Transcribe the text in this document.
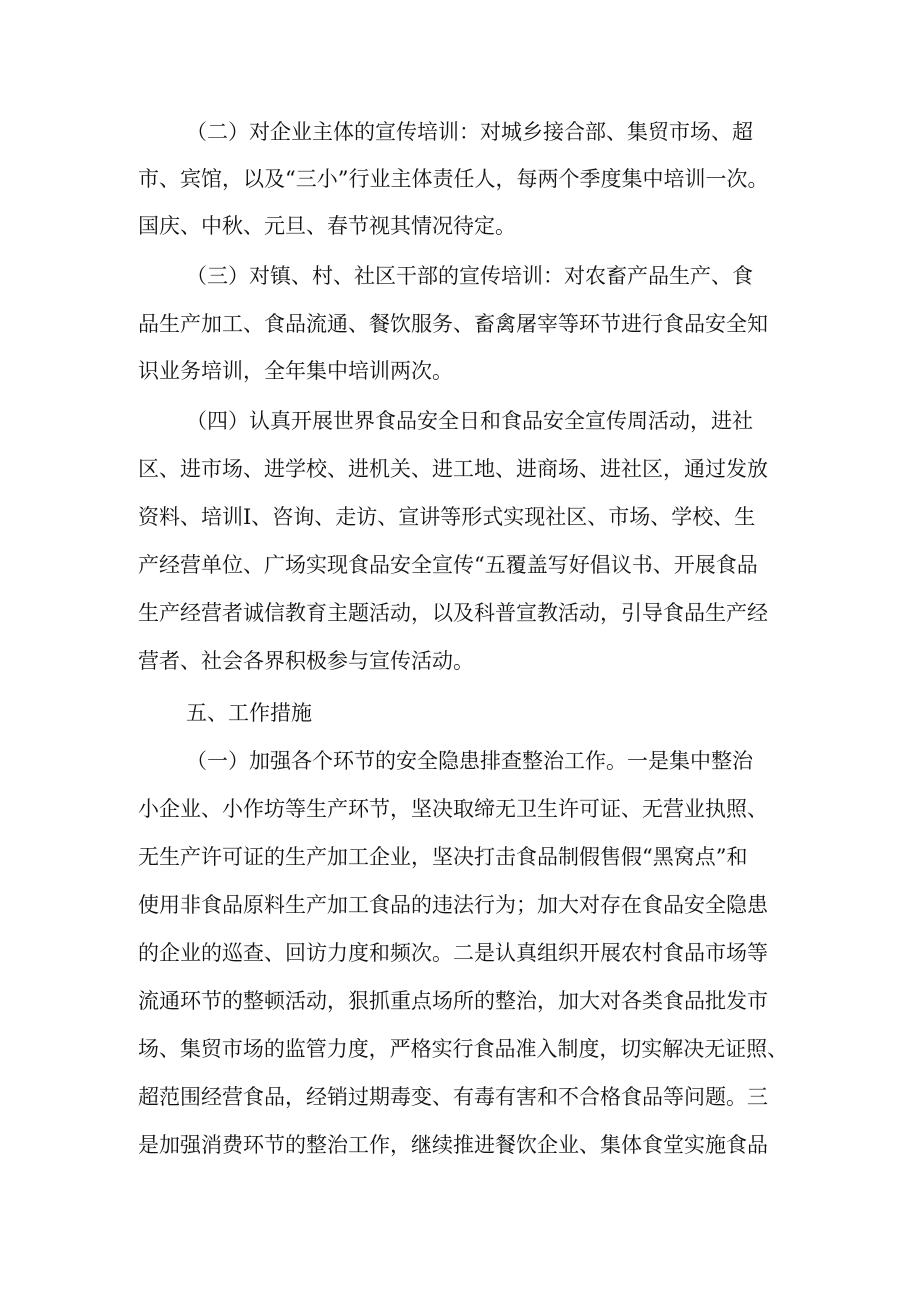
（二）对企业主体的宣传培训：对城乡接合部、集贸市场、超
市、宾馆，以及“三小”行业主体责任人，每两个季度集中培训一次。
国庆、中秋、元旦、春节视其情况待定。
（三）对镇、村、社区干部的宣传培训：对农畜产品生产、食
品生产加工、食品流通、餐饮服务、畜禽屠宰等环节进行食品安全知
识业务培训，全年集中培训两次。
（四）认真开展世界食品安全日和食品安全宣传周活动，进社
区、进市场、进学校、进机关、进工地、进商场、进社区，通过发放
资料、培训I、咨询、走访、宣讲等形式实现社区、市场、学校、生
产经营单位、广场实现食品安全宣传“五覆盖写好倡议书、开展食品
生产经营者诚信教育主题活动，以及科普宣教活动，引导食品生产经
营者、社会各界积极参与宣传活动。
五、工作措施
（一）加强各个环节的安全隐患排查整治工作。一是集中整治
小企业、小作坊等生产环节，坚决取缔无卫生许可证、无营业执照、
无生产许可证的生产加工企业，坚决打击食品制假售假“黑窝点”和
使用非食品原料生产加工食品的违法行为；加大对存在食品安全隐患
的企业的巡查、回访力度和频次。二是认真组织开展农村食品市场等
流通环节的整顿活动，狠抓重点场所的整治，加大对各类食品批发市
场、集贸市场的监管力度，严格实行食品准入制度，切实解决无证照、
超范围经营食品，经销过期毒变、有毒有害和不合格食品等问题。三
是加强消费环节的整治工作，继续推进餐饮企业、集体食堂实施食品
